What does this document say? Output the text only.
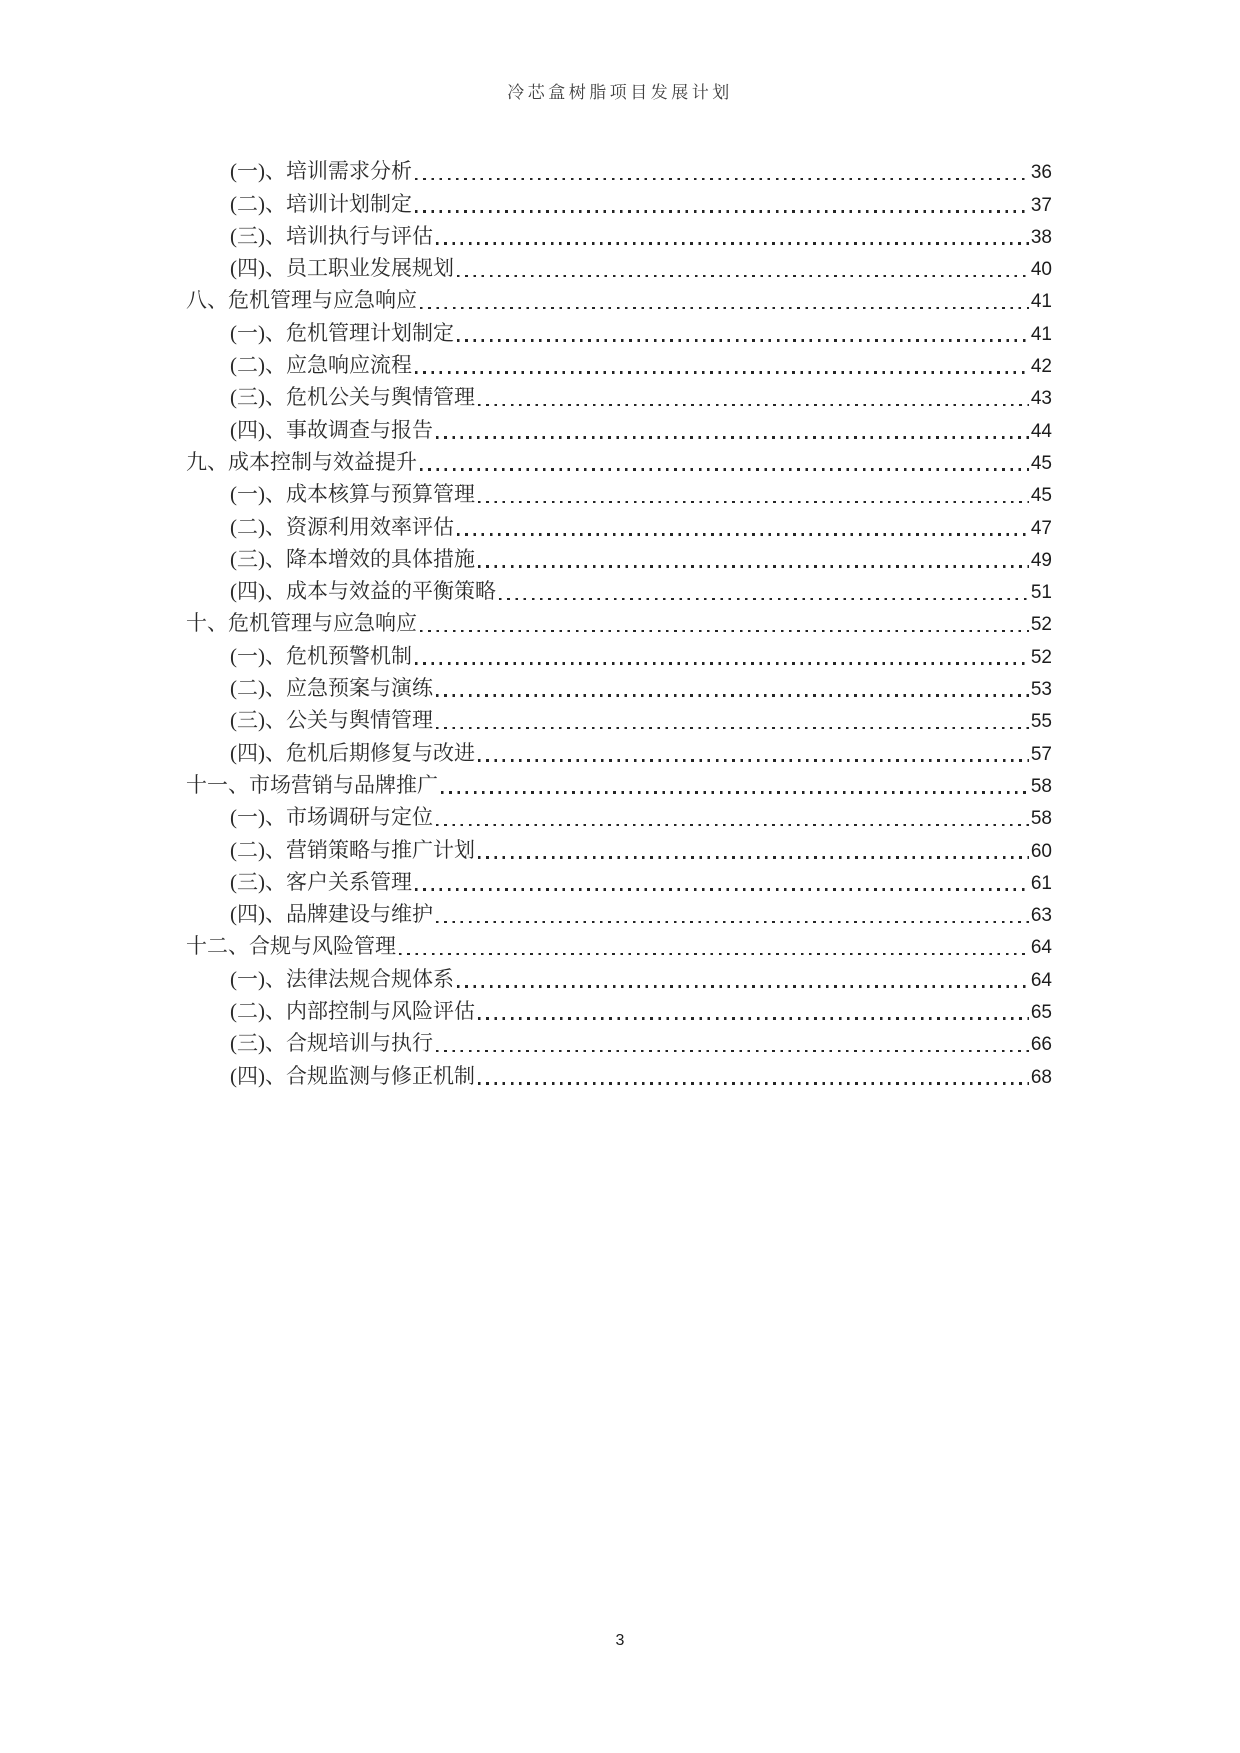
冷芯盒树脂项目发展计划
(一)、培训需求分析	36
(二)、培训计划制定	37
(三)、培训执行与评估	38
(四)、员工职业发展规划	40
八、危机管理与应急响应	41
(一)、危机管理计划制定	41
(二)、应急响应流程	42
(三)、危机公关与舆情管理	43
(四)、事故调查与报告	44
九、成本控制与效益提升	45
(一)、成本核算与预算管理	45
(二)、资源利用效率评估	47
(三)、降本增效的具体措施	49
(四)、成本与效益的平衡策略	51
十、危机管理与应急响应	52
(一)、危机预警机制	52
(二)、应急预案与演练	53
(三)、公关与舆情管理	55
(四)、危机后期修复与改进	57
十一、市场营销与品牌推广	58
(一)、市场调研与定位	58
(二)、营销策略与推广计划	60
(三)、客户关系管理	61
(四)、品牌建设与维护	63
十二、合规与风险管理	64
(一)、法律法规合规体系	64
(二)、内部控制与风险评估	65
(三)、合规培训与执行	66
(四)、合规监测与修正机制	68
3
